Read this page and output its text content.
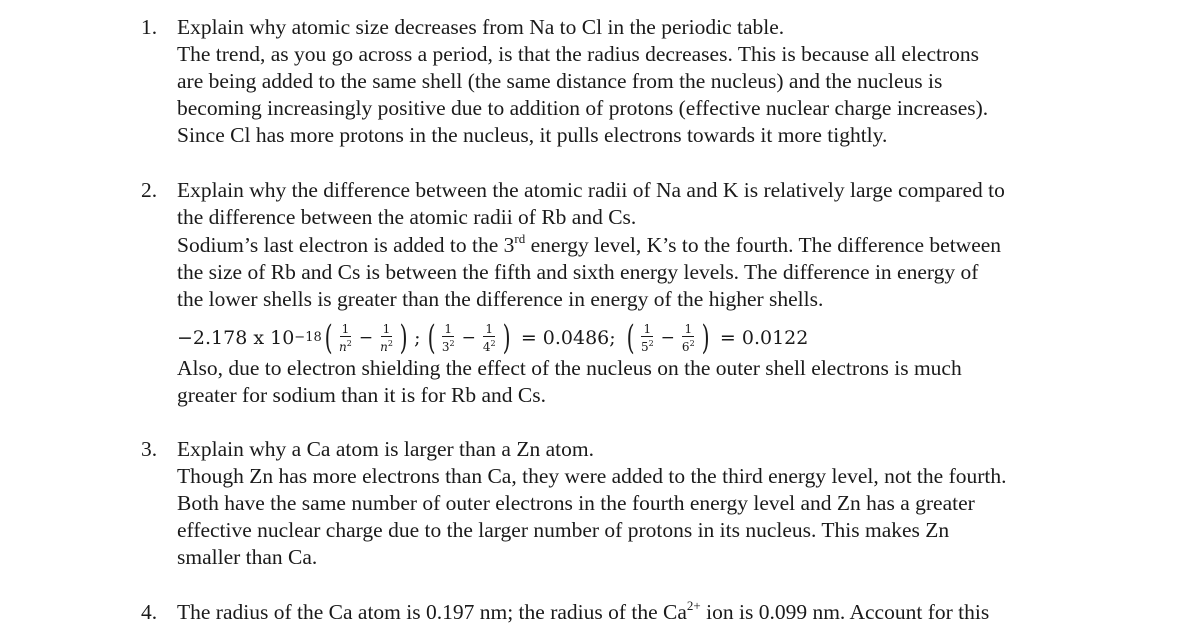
1. Explain why atomic size decreases from Na to Cl in the periodic table.
The trend, as you go across a period, is that the radius decreases. This is because all electrons
are being added to the same shell (the same distance from the nucleus) and the nucleus is
becoming increasingly positive due to addition of protons (effective nuclear charge increases).
Since Cl has more protons in the nucleus, it pulls electrons towards it more tightly.
2. Explain why the difference between the atomic radii of Na and K is relatively large compared to
the difference between the atomic radii of Rb and Cs.
Sodium’s last electron is added to the 3rd energy level, K’s to the fourth. The difference between
the size of Rb and Cs is between the fifth and sixth energy levels. The difference in energy of
the lower shells is greater than the difference in energy of the higher shells.
−2.178 x 10 −18 ( $\frac{1}{n^2} - \frac{1}{n^2}$ ) ; ( $\frac{1}{3^2} - \frac{1}{4^2}$ ) = 0.0486; ( $\frac{1}{5^2} - \frac{1}{6^2}$ ) = 0.0122
Also, due to electron shielding the effect of the nucleus on the outer shell electrons is much
greater for sodium than it is for Rb and Cs.
3. Explain why a Ca atom is larger than a Zn atom.
Though Zn has more electrons than Ca, they were added to the third energy level, not the fourth.
Both have the same number of outer electrons in the fourth energy level and Zn has a greater
effective nuclear charge due to the larger number of protons in its nucleus. This makes Zn
smaller than Ca.
4. The radius of the Ca atom is 0.197 nm; the radius of the $Ca^{2+}$ ion is 0.099 nm. Account for this
